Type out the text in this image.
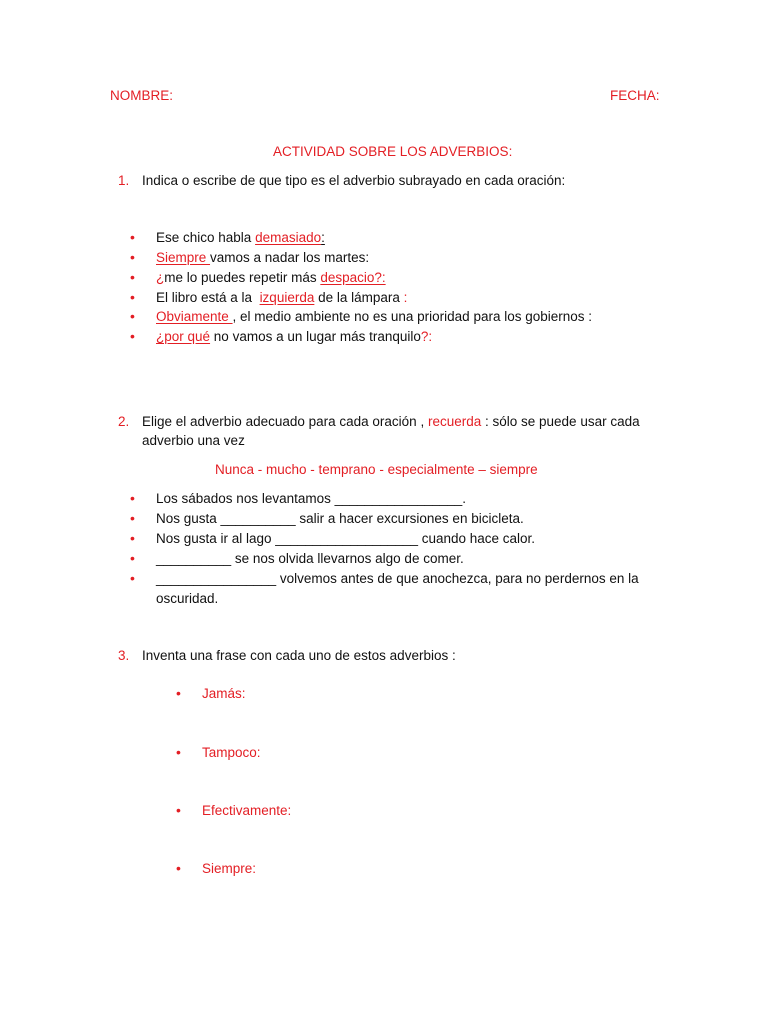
NOMBRE:	FECHA:
ACTIVIDAD SOBRE LOS ADVERBIOS:
1. Indica o escribe de que tipo es el adverbio subrayado en cada oración:
• Ese chico habla demasiado:
• Siempre vamos a nadar los martes:
• ¿me lo puedes repetir más despacio?:
• El libro está a la  izquierda de la lámpara :
• Obviamente , el medio ambiente no es una prioridad para los gobiernos :
• ¿por qué no vamos a un lugar más tranquilo?:
2. Elige el adverbio adecuado para cada oración , recuerda : sólo se puede usar cada
adverbio una vez
Nunca - mucho - temprano - especialmente – siempre
• Los sábados nos levantamos _________________.
• Nos gusta __________ salir a hacer excursiones en bicicleta.
• Nos gusta ir al lago ___________________ cuando hace calor.
• __________ se nos olvida llevarnos algo de comer.
• ________________ volvemos antes de que anochezca, para no perdernos en la
oscuridad.
3. Inventa una frase con cada uno de estos adverbios :
• Jamás:
• Tampoco:
• Efectivamente:
• Siempre:
